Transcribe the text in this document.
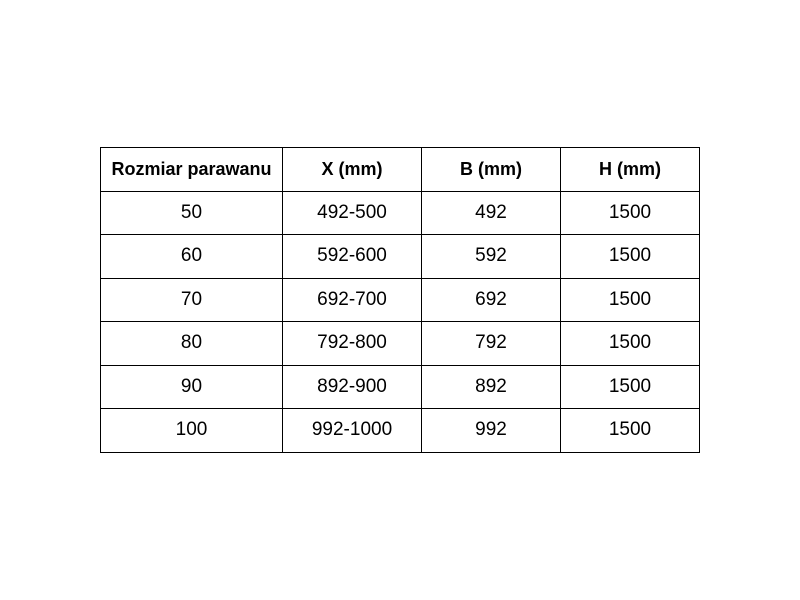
Rozmiar parawanu	X (mm)	B (mm)	H (mm)
50	492-500	492	1500
60	592-600	592	1500
70	692-700	692	1500
80	792-800	792	1500
90	892-900	892	1500
100	992-1000	992	1500
